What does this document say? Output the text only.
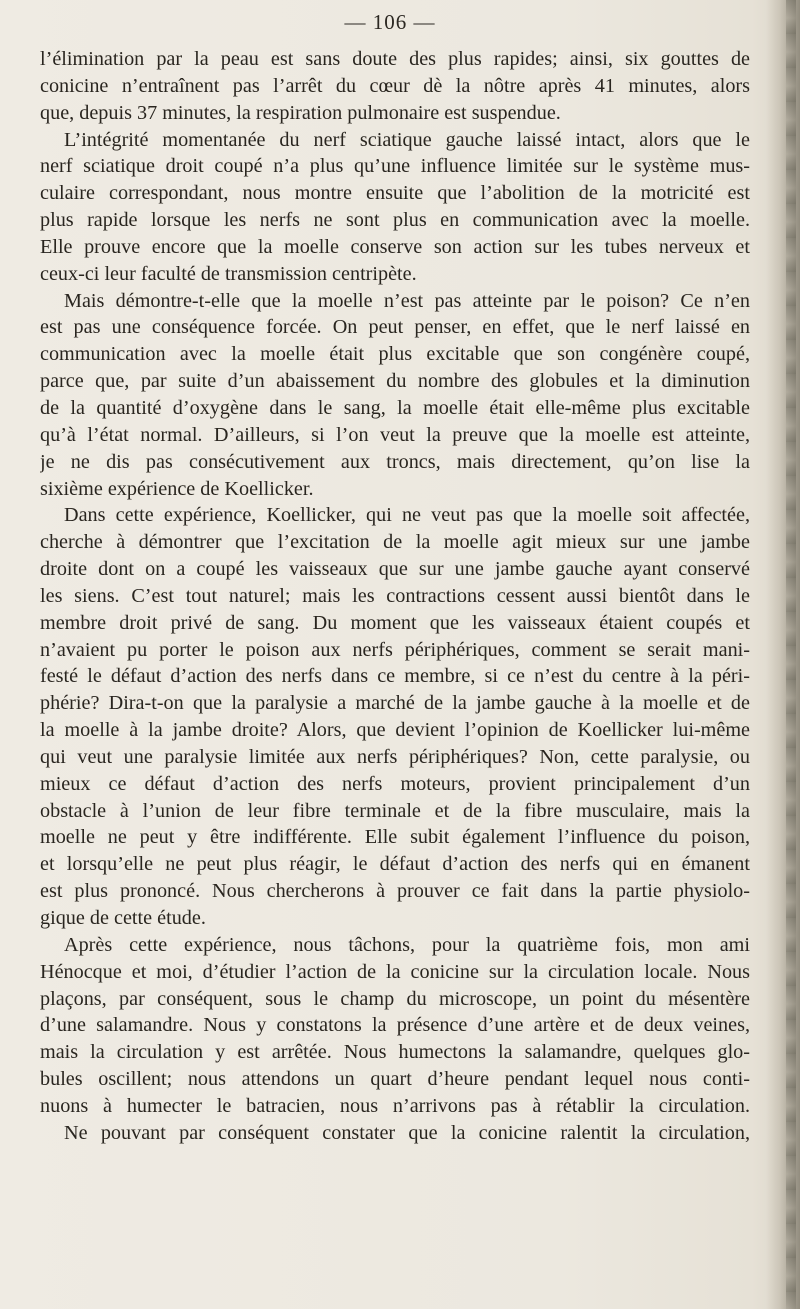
— 106 —
l’élimination par la peau est sans doute des plus rapides; ainsi, six gouttes de
conicine n’entraînent pas l’arrêt du cœur dè la nôtre après 41 minutes, alors
que, depuis 37 minutes, la respiration pulmonaire est suspendue.
L’intégrité momentanée du nerf sciatique gauche laissé intact, alors que le
nerf sciatique droit coupé n’a plus qu’une influence limitée sur le système mus-
culaire correspondant, nous montre ensuite que l’abolition de la motricité est
plus rapide lorsque les nerfs ne sont plus en communication avec la moelle.
Elle prouve encore que la moelle conserve son action sur les tubes nerveux et
ceux-ci leur faculté de transmission centripète.
Mais démontre-t-elle que la moelle n’est pas atteinte par le poison? Ce n’en
est pas une conséquence forcée. On peut penser, en effet, que le nerf laissé en
communication avec la moelle était plus excitable que son congénère coupé,
parce que, par suite d’un abaissement du nombre des globules et la diminution
de la quantité d’oxygène dans le sang, la moelle était elle-même plus excitable
qu’à l’état normal. D’ailleurs, si l’on veut la preuve que la moelle est atteinte,
je ne dis pas consécutivement aux troncs, mais directement, qu’on lise la
sixième expérience de Koellicker.
Dans cette expérience, Koellicker, qui ne veut pas que la moelle soit affectée,
cherche à démontrer que l’excitation de la moelle agit mieux sur une jambe
droite dont on a coupé les vaisseaux que sur une jambe gauche ayant conservé
les siens. C’est tout naturel; mais les contractions cessent aussi bientôt dans le
membre droit privé de sang. Du moment que les vaisseaux étaient coupés et
n’avaient pu porter le poison aux nerfs périphériques, comment se serait mani-
festé le défaut d’action des nerfs dans ce membre, si ce n’est du centre à la péri-
phérie? Dira-t-on que la paralysie a marché de la jambe gauche à la moelle et de
la moelle à la jambe droite? Alors, que devient l’opinion de Koellicker lui-même
qui veut une paralysie limitée aux nerfs périphériques? Non, cette paralysie, ou
mieux ce défaut d’action des nerfs moteurs, provient principalement d’un
obstacle à l’union de leur fibre terminale et de la fibre musculaire, mais la
moelle ne peut y être indifférente. Elle subit également l’influence du poison,
et lorsqu’elle ne peut plus réagir, le défaut d’action des nerfs qui en émanent
est plus prononcé. Nous chercherons à prouver ce fait dans la partie physiolo-
gique de cette étude.
Après cette expérience, nous tâchons, pour la quatrième fois, mon ami
Hénocque et moi, d’étudier l’action de la conicine sur la circulation locale. Nous
plaçons, par conséquent, sous le champ du microscope, un point du mésentère
d’une salamandre. Nous y constatons la présence d’une artère et de deux veines,
mais la circulation y est arrêtée. Nous humectons la salamandre, quelques glo-
bules oscillent; nous attendons un quart d’heure pendant lequel nous conti-
nuons à humecter le batracien, nous n’arrivons pas à rétablir la circulation.
Ne pouvant par conséquent constater que la conicine ralentit la circulation,
